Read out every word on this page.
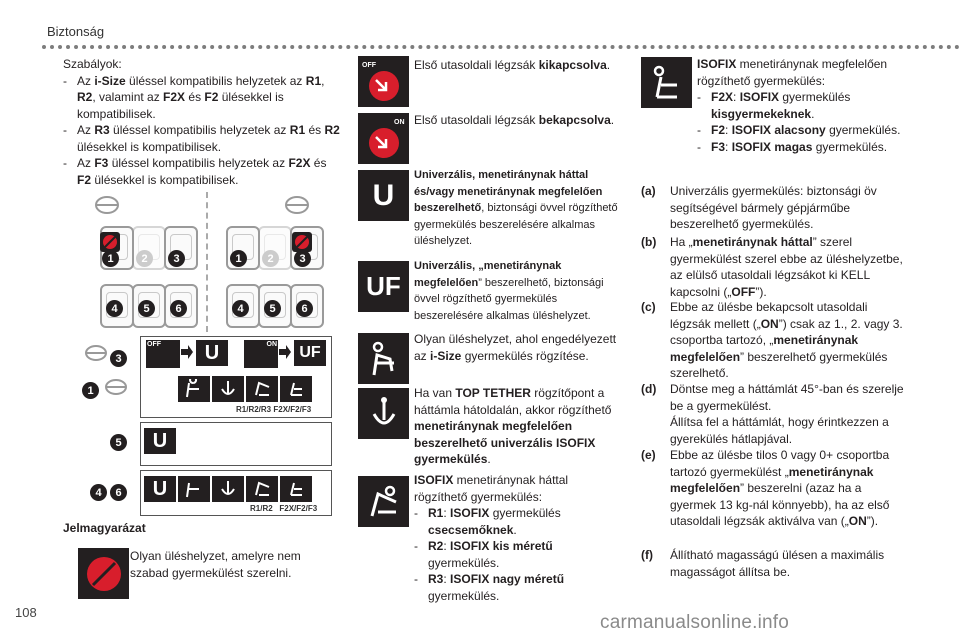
Biztonság
Szabályok:
- Az i-Size üléssel kompatibilis helyzetek az R1, R2, valamint az F2X és F2 ülésekkel is kompatibilisek.
- Az R3 üléssel kompatibilis helyzetek az R1 és R2 ülésekkel is kompatibilisek.
- Az F3 üléssel kompatibilis helyzetek az F2X és F2 ülésekkel is kompatibilisek.
1	2	3
4	5	6
1	2	3
4	5	6
3
OFF	U	ON	UF
R1/R2/R3 F2X/F2/F3
1
5	U
4	6	U
R1/R2 F2X/F2/F3
Jelmagyarázat
Olyan üléshelyzet, amelyre nem szabad gyermekülést szerelni.
OFF	Első utasoldali légzsák kikapcsolva.
ON Első utasoldali légzsák bekapcsolva.
U
Univerzális, menetiránynak háttal és/vagy menetiránynak megfelelően beszerelhető, biztonsági övvel rögzíthető gyermekülés beszerelésére alkalmas üléshelyzet.
UF
Univerzális, „menetiránynak megfelelően” beszerelhető, biztonsági övvel rögzíthető gyermekülés beszerelésére alkalmas üléshelyzet.
Olyan üléshelyzet, ahol engedélyezett az i-Size gyermekülés rögzítése.
Ha van TOP TETHER rögzítőpont a háttámla hátoldalán, akkor rögzíthető menetiránynak megfelelően beszerelhető univerzális ISOFIX gyermekülés.
ISOFIX menetiránynak háttal rögzíthető gyermekülés:
- R1: ISOFIX gyermekülés csecsemőknek.
- R2: ISOFIX kis méretű gyermekülés.
- R3: ISOFIX nagy méretű gyermekülés.
ISOFIX menetiránynak megfelelően rögzíthető gyermekülés:
- F2X: ISOFIX gyermekülés kisgyermekeknek.
- F2: ISOFIX alacsony gyermekülés.
- F3: ISOFIX magas gyermekülés.
(a) Univerzális gyermekülés: biztonsági öv segítségével bármely gépjárműbe beszerelhető gyermekülés.
(b) Ha „menetiránynak háttal” szerel gyermekülést szerel ebbe az üléshelyzetbe, az elülső utasoldali légzsákot ki KELL kapcsolni („OFF”).
(c) Ebbe az ülésbe bekapcsolt utasoldali légzsák mellett („ON”) csak az 1., 2. vagy 3. csoportba tartozó, „menetiránynak megfelelően” beszerelhető gyermekülés szerelhető.
(d) Döntse meg a háttámlát 45°-ban és szerelje be a gyermekülést.
Állítsa fel a háttámlát, hogy érintkezzen a gyerekülés hátlapjával.
(e) Ebbe az ülésbe tilos 0 vagy 0+ csoportba tartozó gyermekülést „menetiránynak megfelelően” beszerelni (azaz ha a gyermek 13 kg-nál könnyebb), ha az első utasoldali légzsák aktiválva van („ON”).
(f) Állítható magasságú ülésen a maximális magasságot állítsa be.
108	carmanualsonline.info
